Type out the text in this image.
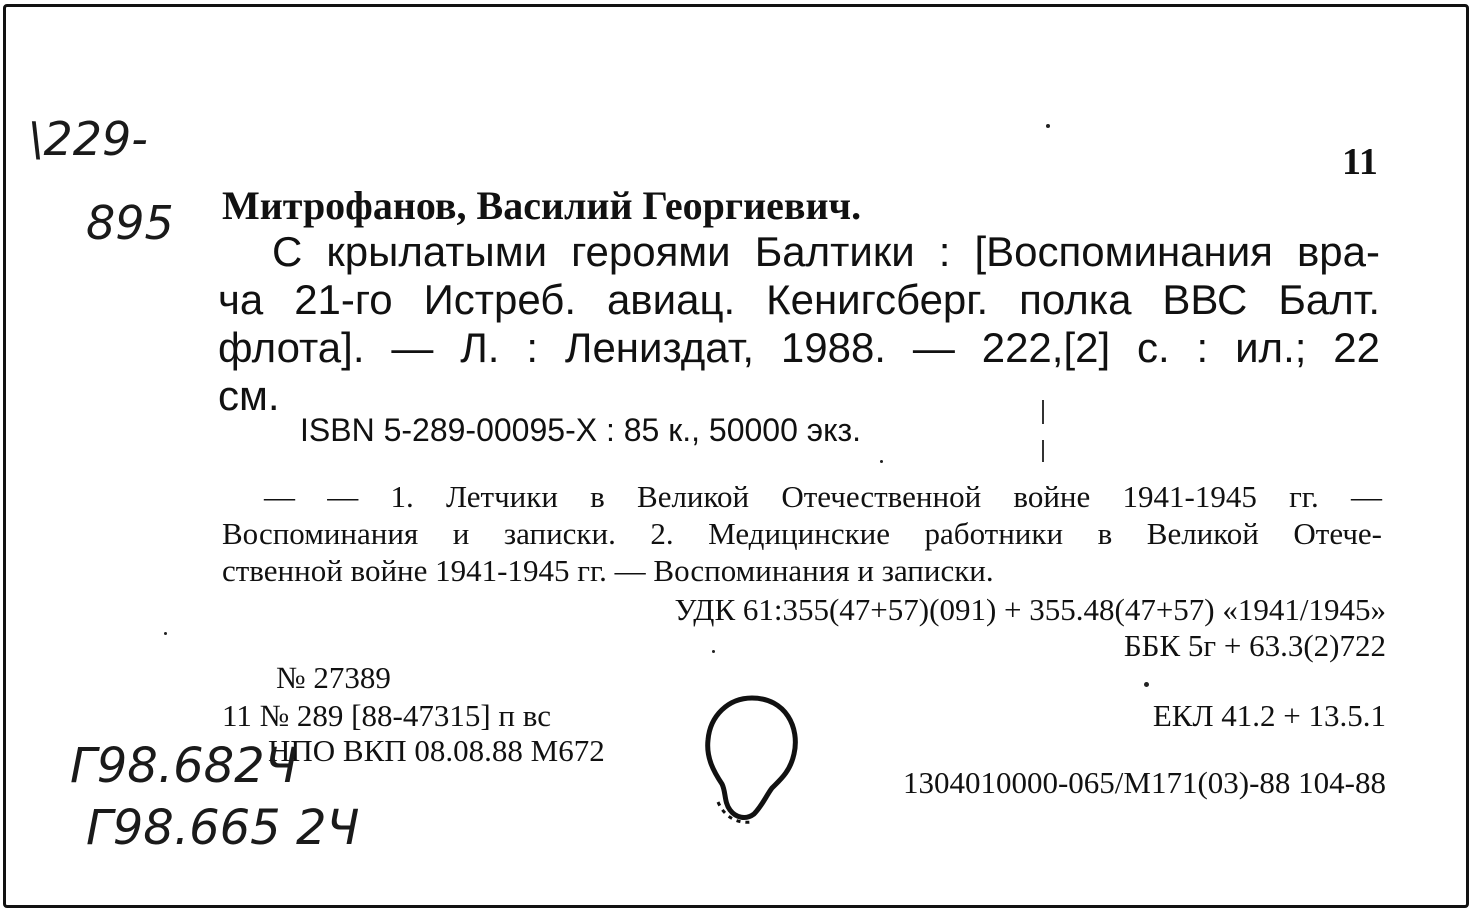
\229-
895
11
Митрофанов, Василий Георгиевич.
С крылатыми героями Балтики : [Воспоминания вра-
ча 21-го Истреб. авиац. Кенигсберг. полка ВВС Балт.
флота]. — Л. : Лениздат, 1988. — 222,[2] с. : ил.; 22
см.
ISBN 5-289-00095-X : 85 к., 50000 экз.
— — 1. Летчики в Великой Отечественной войне 1941-1945 гг. —
Воспоминания и записки. 2. Медицинские работники в Великой Отече-
ственной войне 1941-1945 гг. — Воспоминания и записки.
УДК 61:355(47+57)(091) + 355.48(47+57) «1941/1945»
ББК 5г + 63.3(2)722
№ 27389
11 № 289 [88-47315] п вс
НПО ВКП 08.08.88 М672
ЕКЛ 41.2 + 13.5.1
1304010000-065/М171(03)-88 104-88
Г98.682Ч
Г98.665 2Ч
